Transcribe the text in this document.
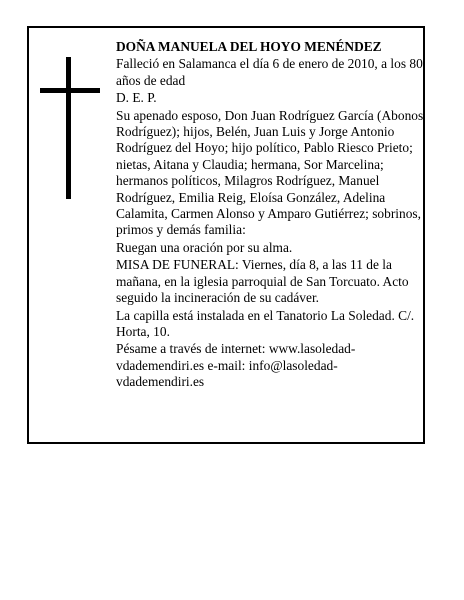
DOÑA MANUELA DEL HOYO MENÉNDEZ

Falleció en Salamanca el día 6 de enero de 2010, a los 80 años de edad

D. E. P.

Su apenado esposo, Don Juan Rodríguez García (Abonos Rodríguez); hijos, Belén, Juan Luis y Jorge Antonio Rodríguez del Hoyo; hijo político, Pablo Riesco Prieto; nietas, Aitana y Claudia; hermana, Sor Marcelina; hermanos políticos, Milagros Rodríguez, Manuel Rodríguez, Emilia Reig, Eloísa González, Adelina Calamita, Carmen Alonso y Amparo Gutiérrez; sobrinos, primos y demás familia:

Ruegan una oración por su alma.

MISA DE FUNERAL: Viernes, día 8, a las 11 de la mañana, en la iglesia parroquial de San Torcuato. Acto seguido la incineración de su cadáver.

La capilla está instalada en el Tanatorio La Soledad. C/. Horta, 10.

Pésame a través de internet: www.lasoledad-vdademendiri.es e-mail: info@lasoledad-vdademendiri.es
